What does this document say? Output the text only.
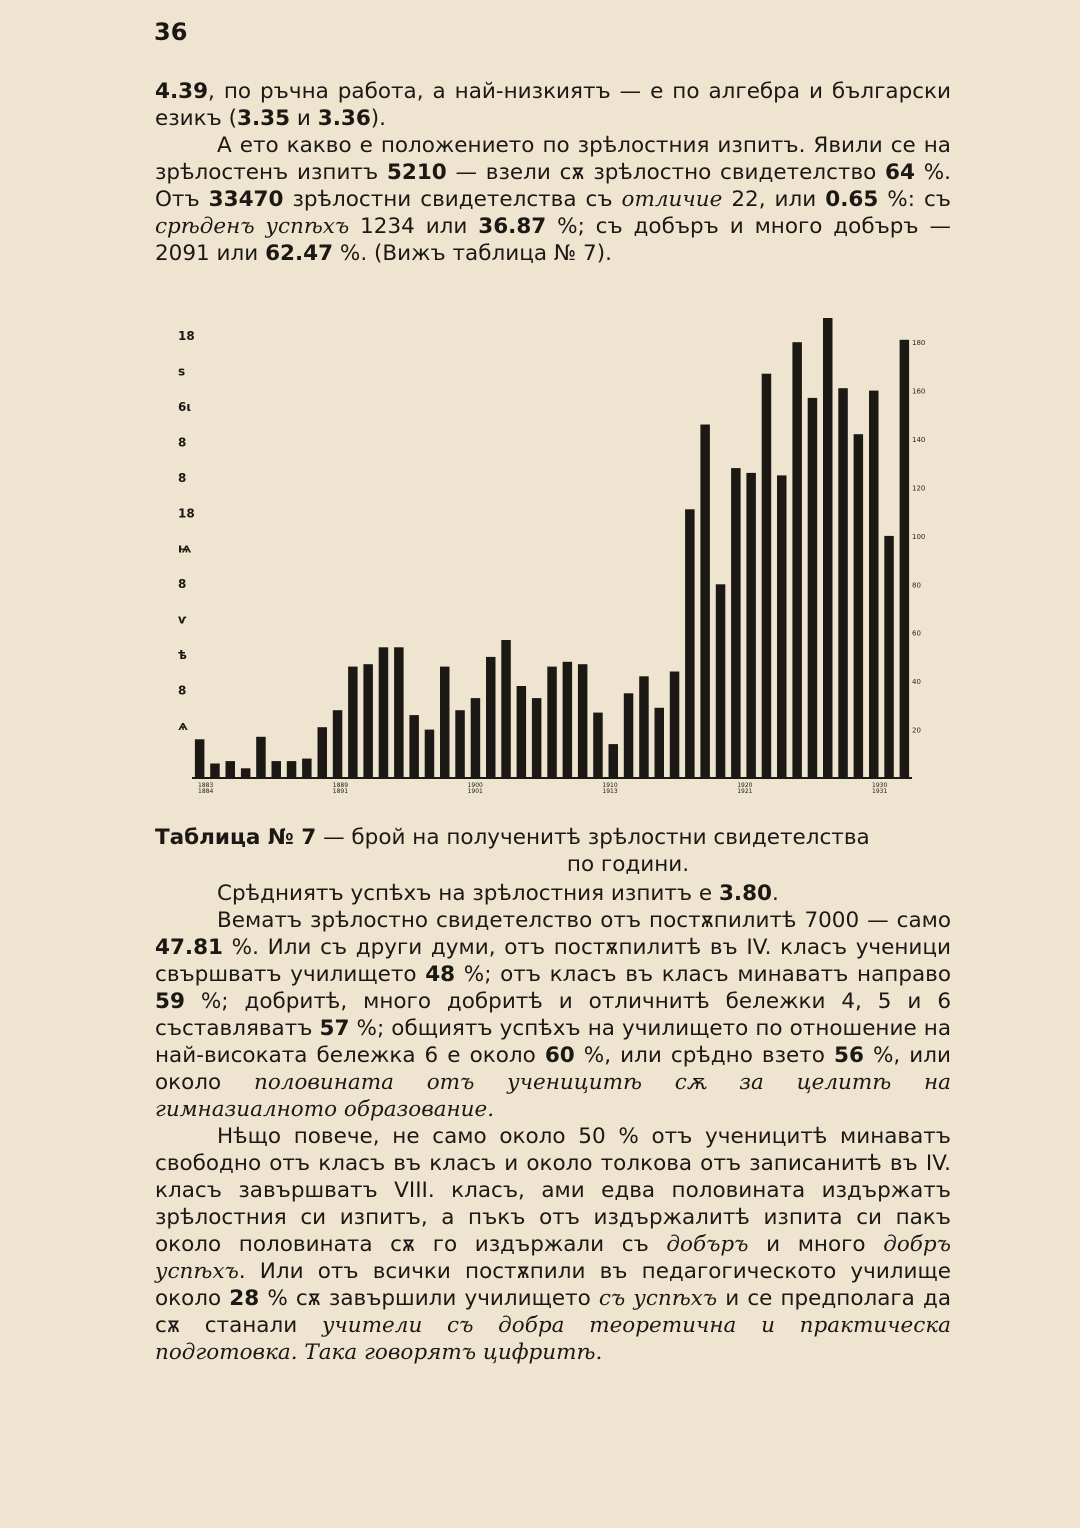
36

4.39, по ръчна работа, а най-низкиятъ — е по алгебра и български езикъ (3.35 и 3.36).

А ето какво е положението по зрѣлостния изпитъ. Явили се на зрѣлостенъ изпитъ 5210 — взели сѫ зрѣлостно свидетелство 64 %. Отъ 33470 зрѣлостни свидетелства съ отличие 22, или 0.65 %: съ срѣденъ успѣхъ 1234 или 36.87 %; съ добъръ и много добъръ — 2091 или 62.47 %. (Вижъ таблица № 7).

20
40
60
80
100
120
140
160
180
18
ѕ
6ι
8
8
18
ѩ
8
ѵ
ѣ
8
ѧ
1883
1884
1889
1891
1900
1901
1910
1913
1920
1921
1930
1931
Таблица № 7 — брой на полученитѣ зрѣлостни свидетелства
по години.

Срѣдниятъ успѣхъ на зрѣлостния изпитъ е 3.80.

Вематъ зрѣлостно свидетелство отъ постѫпилитѣ 7000 — само 47.81 %. Или съ други думи, отъ постѫпилитѣ въ IV. класъ ученици свършватъ училището 48 %; отъ класъ въ класъ минаватъ направо 59 %; добритѣ, много добритѣ и отличнитѣ бележки 4, 5 и 6 съставляватъ 57 %; общиятъ успѣхъ на училището по отношение на най-високата бележка 6 е около 60 %, или срѣдно взето 56 %, или около половината отъ ученицитѣ сѫ за целитѣ на гимназиалното образование.

Нѣщо повече, не само около 50 % отъ ученицитѣ минаватъ свободно отъ класъ въ класъ и около толкова отъ записанитѣ въ IV. класъ завършватъ VIII. класъ, ами едва половината издържатъ зрѣлостния си изпитъ, а пъкъ отъ издържалитѣ изпита си пакъ около половината сѫ го издържали съ добъръ и много добръ успѣхъ. Или отъ всички постѫпили въ педагогическото училище около 28 % сѫ завършили училището съ успѣхъ и се предполага да сѫ станали учители съ добра теоретична и практическа подготовка. Така говорятъ цифритѣ.
